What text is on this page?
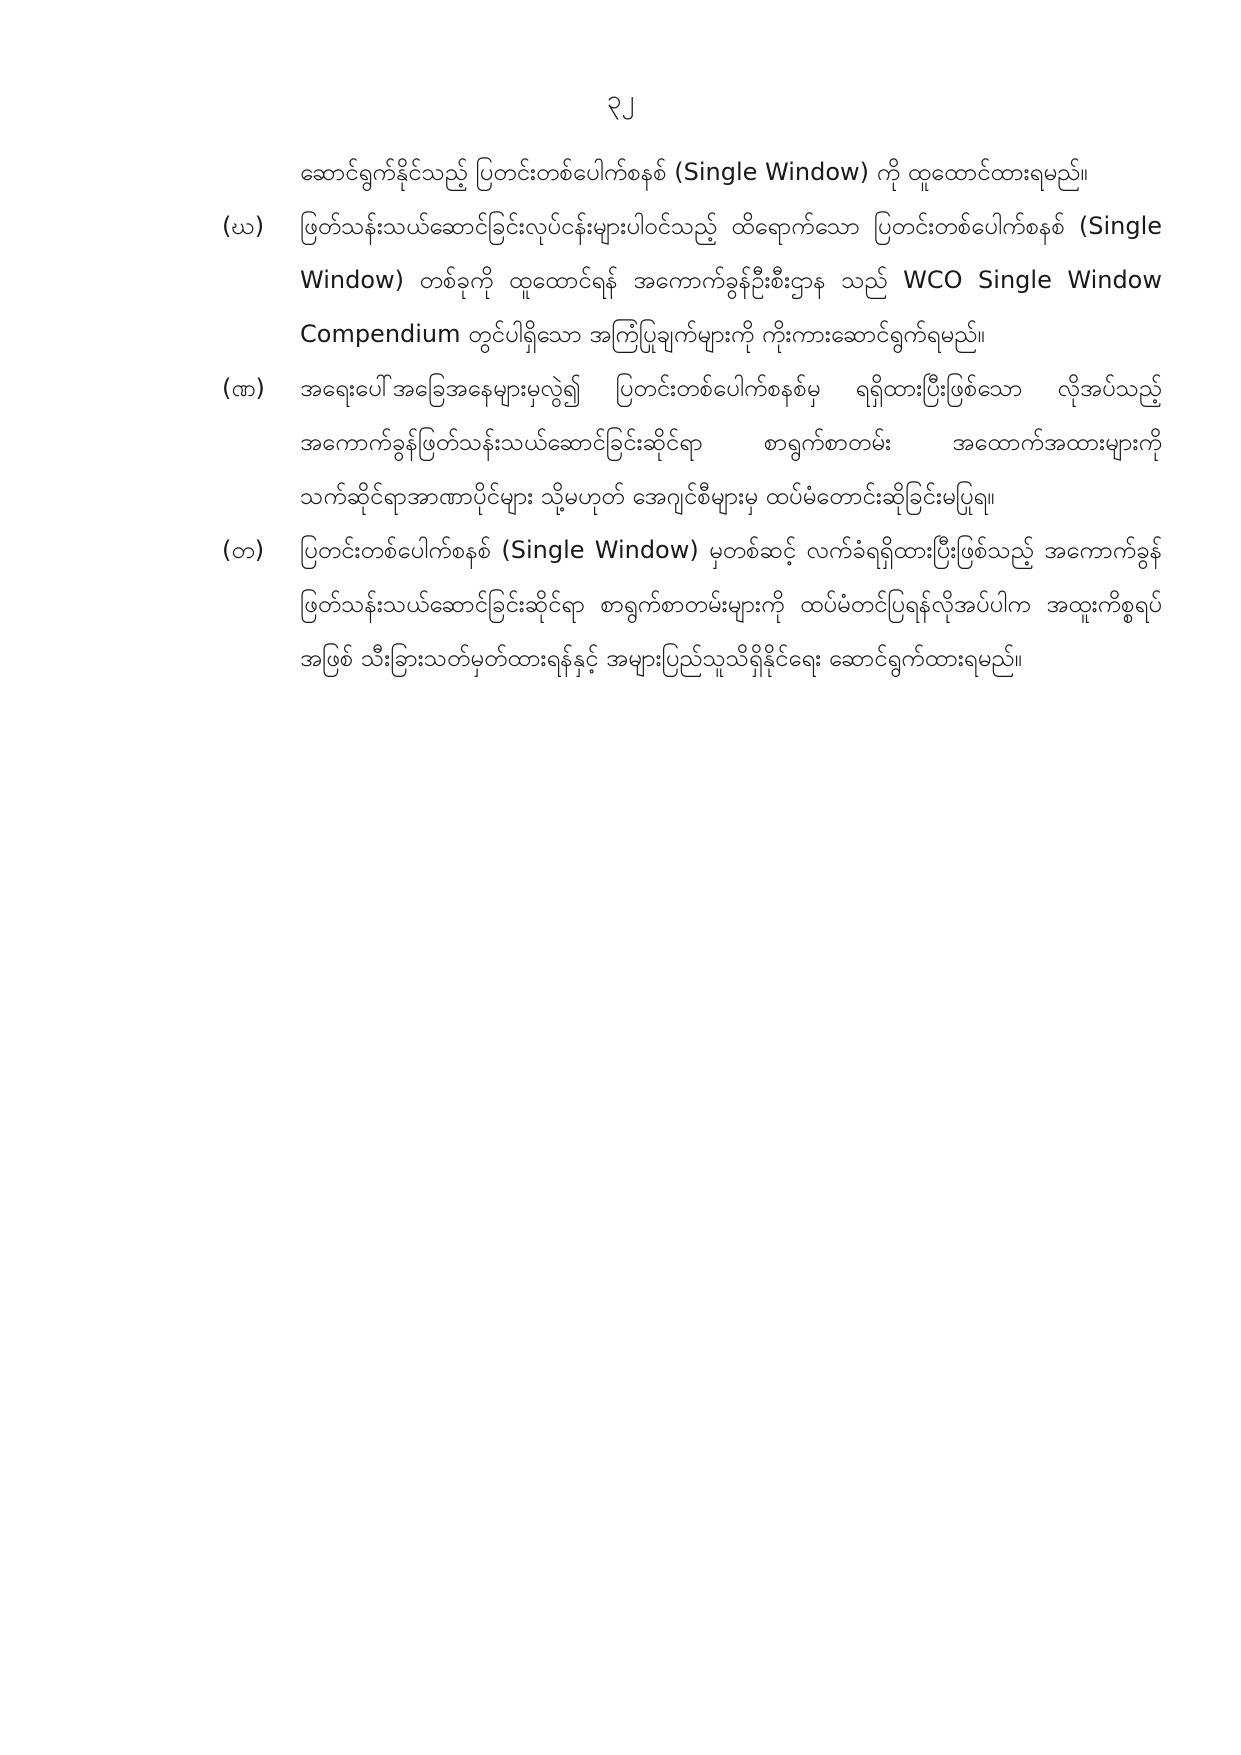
၃၂
ဆောင်ရွက်နိုင်သည့် ပြတင်းတစ်ပေါက်စနစ် (Single Window) ကို ထူထောင်ထားရမည်။
(ဃ)	ဖြတ်သန်းသယ်ဆောင်ခြင်းလုပ်ငန်းများပါဝင်သည့် ထိရောက်သော ပြတင်းတစ်ပေါက်စနစ် (Single Window) တစ်ခုကို ထူထောင်ရန် အကောက်ခွန်ဦးစီးဌာန သည် WCO Single Window Compendium တွင်ပါရှိသော အကြံပြုချက်များကို ကိုးကားဆောင်ရွက်ရမည်။
(ဏ)	အရေးပေါ်အခြေအနေများမှလွဲ၍ ပြတင်းတစ်ပေါက်စနစ်မှ ရရှိထားပြီးဖြစ်သော လိုအပ်သည့် အကောက်ခွန်ဖြတ်သန်းသယ်ဆောင်ခြင်းဆိုင်ရာ စာရွက်စာတမ်း အထောက်အထားများကို သက်ဆိုင်ရာအာဏာပိုင်များ သို့မဟုတ် အေဂျင်စီများမှ ထပ်မံတောင်းဆိုခြင်းမပြုရ။
(တ)	ပြတင်းတစ်ပေါက်စနစ် (Single Window) မှတစ်ဆင့် လက်ခံရရှိထားပြီးဖြစ်သည့် အကောက်ခွန်ဖြတ်သန်းသယ်ဆောင်ခြင်းဆိုင်ရာ စာရွက်စာတမ်းများကို ထပ်မံတင်ပြရန်လိုအပ်ပါက အထူးကိစ္စရပ်အဖြစ် သီးခြားသတ်မှတ်ထားရန်နှင့် အများပြည်သူသိရှိနိုင်ရေး ဆောင်ရွက်ထားရမည်။
